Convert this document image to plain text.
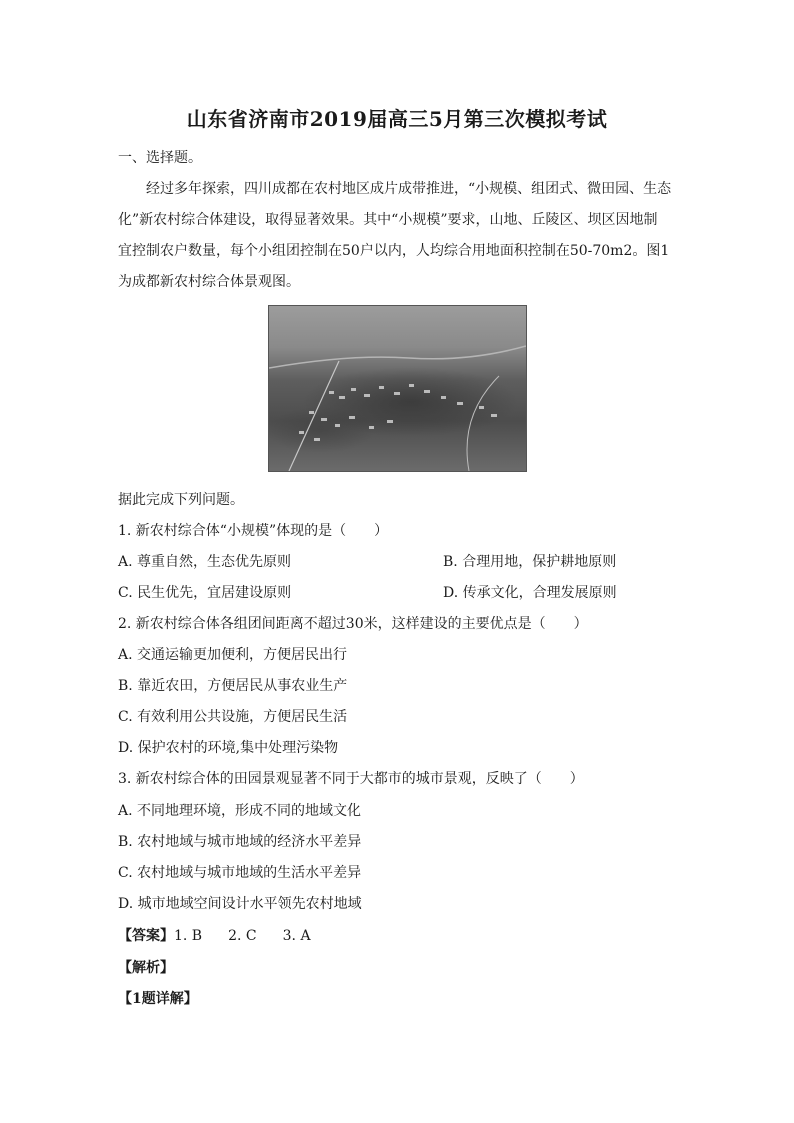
山东省济南市2019届高三5月第三次模拟考试
一、选择题。
经过多年探索，四川成都在农村地区成片成带推进，“小规模、组团式、微田园、生态
化”新农村综合体建设，取得显著效果。其中“小规模”要求，山地、丘陵区、坝区因地制
宜控制农户数量，每个小组团控制在50户以内，人均综合用地面积控制在50-70m2。图1
为成都新农村综合体景观图。
据此完成下列问题。
1. 新农村综合体“小规模”体现的是（　　）
A. 尊重自然，生态优先原则	B. 合理用地，保护耕地原则
C. 民生优先，宜居建设原则	D. 传承文化，合理发展原则
2. 新农村综合体各组团间距离不超过30米，这样建设的主要优点是（　　）
A. 交通运输更加便利，方便居民出行
B. 靠近农田，方便居民从事农业生产
C. 有效利用公共设施，方便居民生活
D. 保护农村的环境,集中处理污染物
3. 新农村综合体的田园景观显著不同于大都市的城市景观，反映了（　　）
A. 不同地理环境，形成不同的地域文化
B. 农村地域与城市地域的经济水平差异
C. 农村地域与城市地域的生活水平差异
D. 城市地域空间设计水平领先农村地域
【答案】1. B 2. C 3. A
【解析】
【1题详解】
